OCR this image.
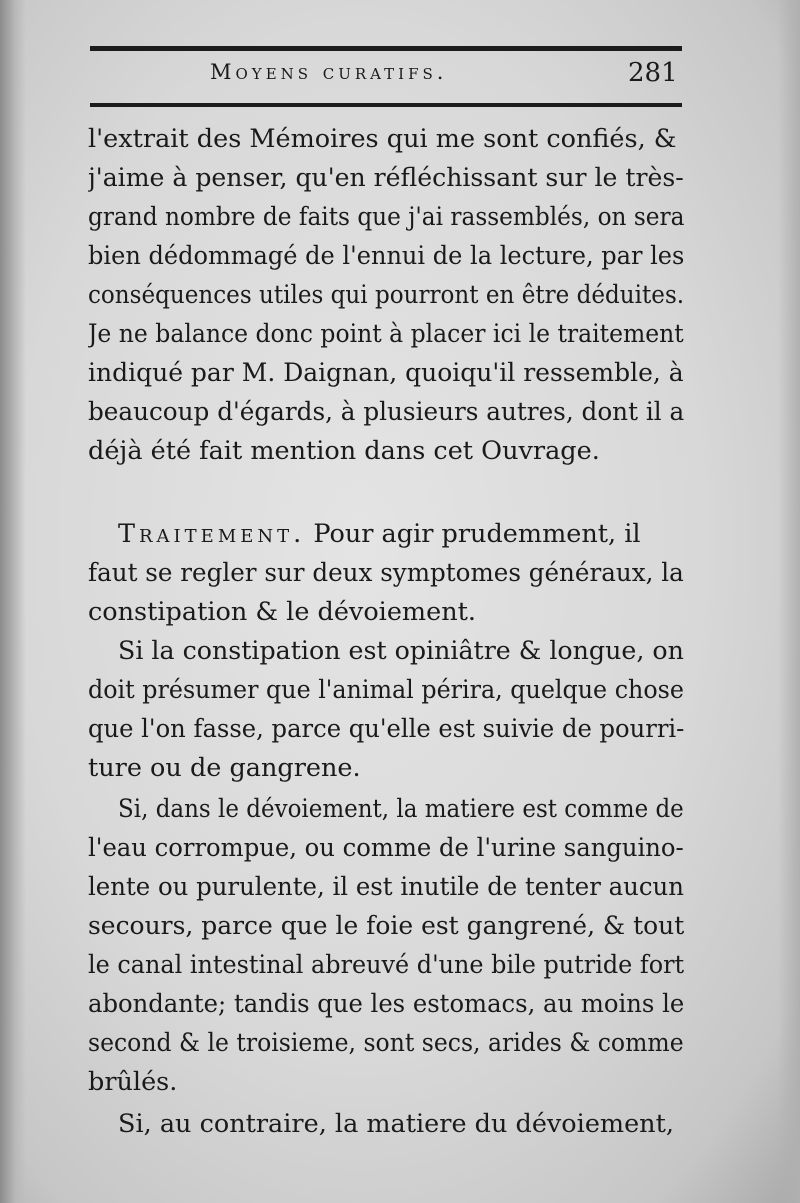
Moyens curatifs.	281
l'extrait des Mémoires qui me sont confiés, &
j'aime à penser, qu'en réfléchissant sur le très-
grand nombre de faits que j'ai rassemblés, on sera
bien dédommagé de l'ennui de la lecture, par les
conséquences utiles qui pourront en être déduites.
Je ne balance donc point à placer ici le traitement
indiqué par M. Daignan, quoiqu'il ressemble, à
beaucoup d'égards, à plusieurs autres, dont il a
déjà été fait mention dans cet Ouvrage.
Traitement. Pour agir prudemment, il
faut se regler sur deux symptomes généraux, la
constipation & le dévoiement.
Si la constipation est opiniâtre & longue, on
doit présumer que l'animal périra, quelque chose
que l'on fasse, parce qu'elle est suivie de pourri-
ture ou de gangrene.
Si, dans le dévoiement, la matiere est comme de
l'eau corrompue, ou comme de l'urine sanguino-
lente ou purulente, il est inutile de tenter aucun
secours, parce que le foie est gangrené, & tout
le canal intestinal abreuvé d'une bile putride fort
abondante; tandis que les estomacs, au moins le
second & le troisieme, sont secs, arides & comme
brûlés.
Si, au contraire, la matiere du dévoiement,
